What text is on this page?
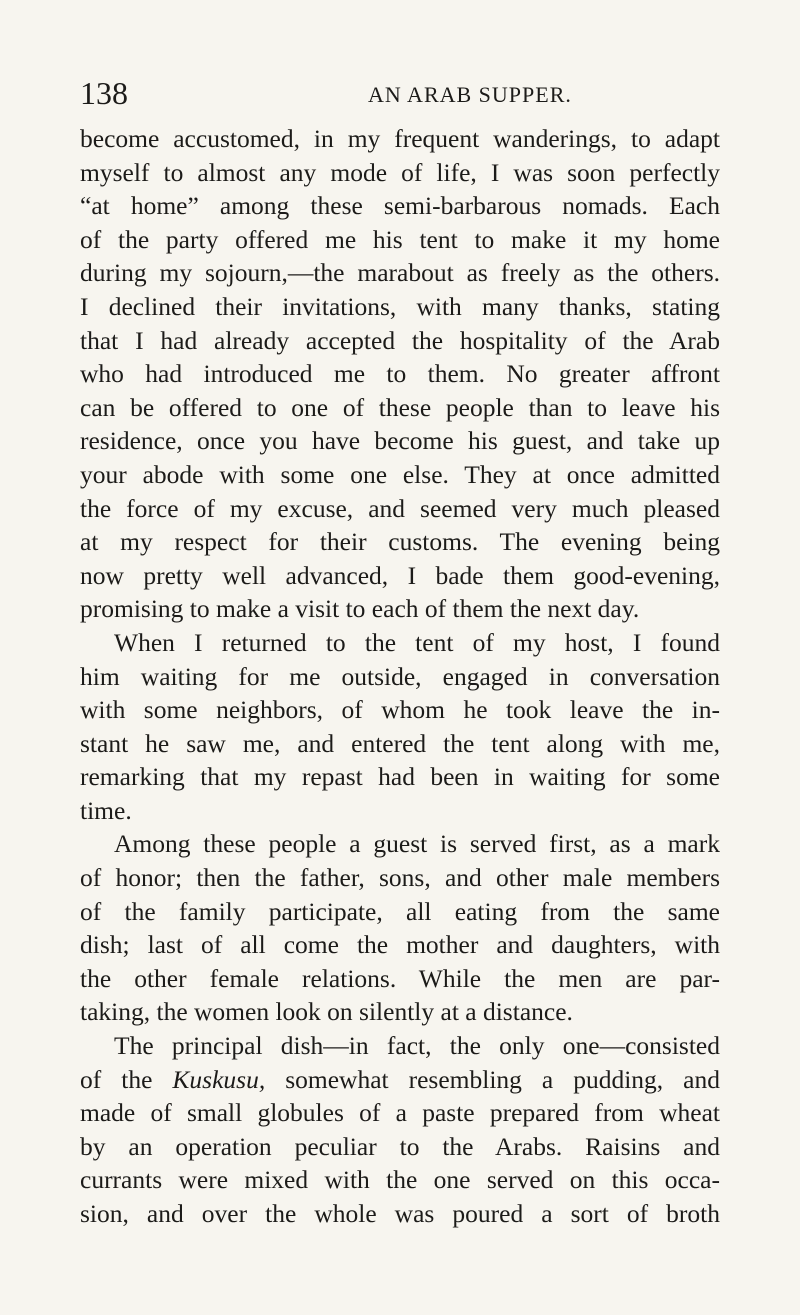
138	AN ARAB SUPPER.
become accustomed, in my frequent wanderings, to adapt
myself to almost any mode of life, I was soon perfectly
“at home” among these semi-barbarous nomads. Each
of the party offered me his tent to make it my home
during my sojourn,—the marabout as freely as the others.
I declined their invitations, with many thanks, stating
that I had already accepted the hospitality of the Arab
who had introduced me to them. No greater affront
can be offered to one of these people than to leave his
residence, once you have become his guest, and take up
your abode with some one else. They at once admitted
the force of my excuse, and seemed very much pleased
at my respect for their customs. The evening being
now pretty well advanced, I bade them good-evening,
promising to make a visit to each of them the next day.
When I returned to the tent of my host, I found
him waiting for me outside, engaged in conversation
with some neighbors, of whom he took leave the in-
stant he saw me, and entered the tent along with me,
remarking that my repast had been in waiting for some
time.
Among these people a guest is served first, as a mark
of honor; then the father, sons, and other male members
of the family participate, all eating from the same
dish; last of all come the mother and daughters, with
the other female relations. While the men are par-
taking, the women look on silently at a distance.
The principal dish—in fact, the only one—consisted
of the Kuskusu, somewhat resembling a pudding, and
made of small globules of a paste prepared from wheat
by an operation peculiar to the Arabs. Raisins and
currants were mixed with the one served on this occa-
sion, and over the whole was poured a sort of broth
